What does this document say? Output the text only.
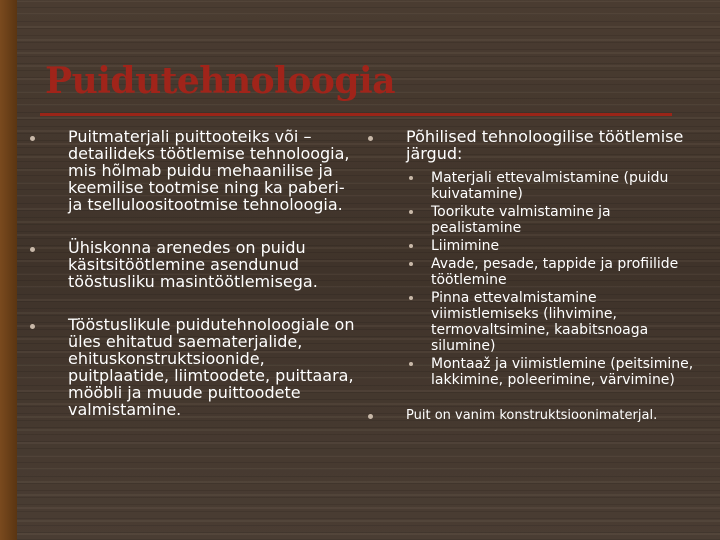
Puidutehnoloogia
Puitmaterjali puittooteiks või – detailideks töötlemise tehnoloogia, mis hõlmab puidu mehaanilise ja keemilise tootmise ning ka paberi- ja tselluloositootmise tehnoloogia.
Ühiskonna arenedes on puidu käsitsitöötlemine asendunud tööstusliku masintöötlemisega.
Tööstuslikule puidutehnoloogiale on üles ehitatud saematerjalide, ehituskonstruktsioonide, puitplaatide, liimtoodete, puittaara, mööbli ja muude puittoodete valmistamine.
Põhilised tehnoloogilise töötlemise järgud:
Materjali ettevalmistamine (puidu kuivatamine)
Toorikute valmistamine ja pealistamine
Liimimine
Avade, pesade, tappide ja profiilide töötlemine
Pinna ettevalmistamine viimistlemiseks (lihvimine, termovaltsimine, kaabitsnoaga silumine)
Montaaž ja viimistlemine (peitsimine, lakkimine, poleerimine, värvimine)
Puit on vanim konstruktsioonimaterjal.
